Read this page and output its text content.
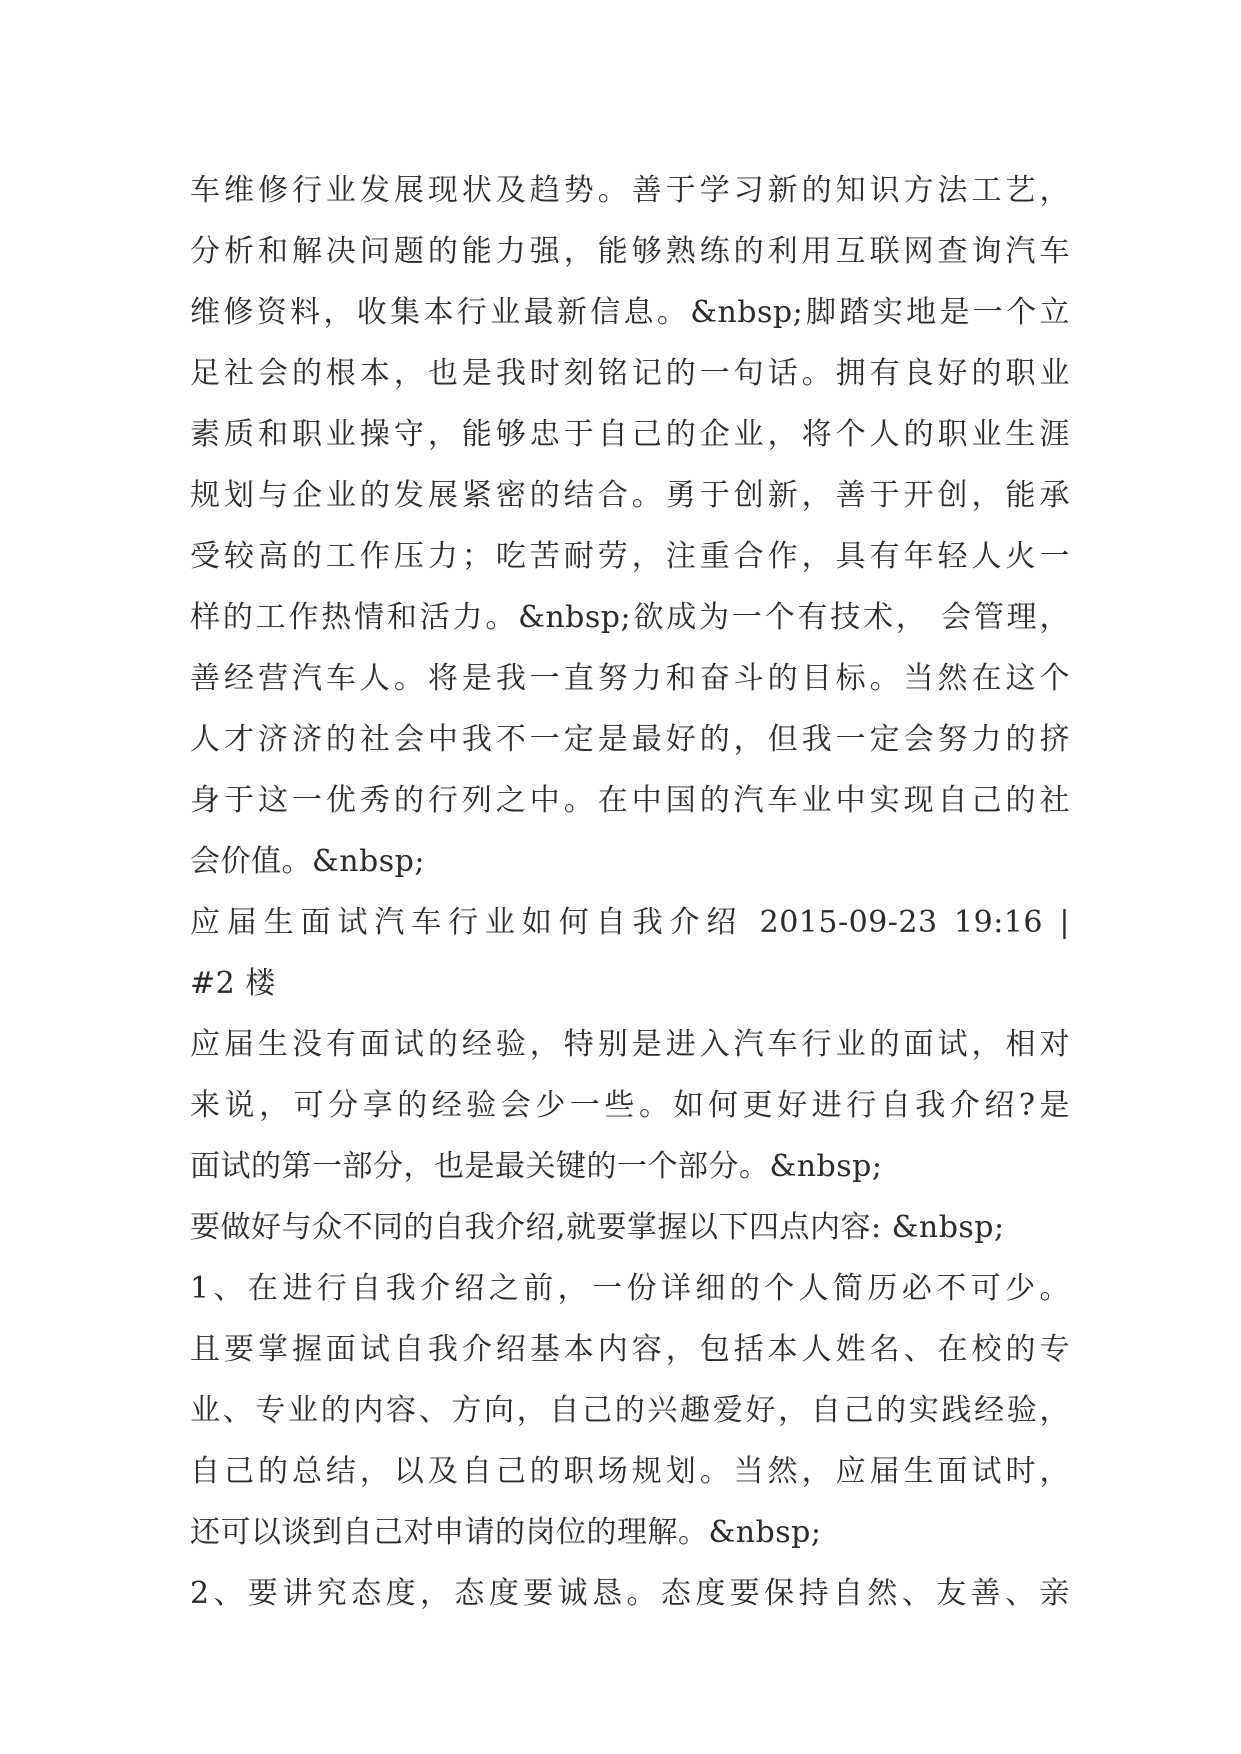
车维修行业发展现状及趋势。善于学习新的知识方法工艺，
分析和解决问题的能力强，能够熟练的利用互联网查询汽车
维修资料，收集本行业最新信息。&nbsp;脚踏实地是一个立
足社会的根本，也是我时刻铭记的一句话。拥有良好的职业
素质和职业操守，能够忠于自己的企业，将个人的职业生涯
规划与企业的发展紧密的结合。勇于创新，善于开创，能承
受较高的工作压力；吃苦耐劳，注重合作，具有年轻人火一
样的工作热情和活力。&nbsp;欲成为一个有技术， 会管理，
善经营汽车人。将是我一直努力和奋斗的目标。当然在这个
人才济济的社会中我不一定是最好的，但我一定会努力的挤
身于这一优秀的行列之中。在中国的汽车业中实现自己的社
会价值。&nbsp;
应届生面试汽车行业如何自我介绍 2015-09-23 19:16 |
#2 楼
应届生没有面试的经验，特别是进入汽车行业的面试，相对
来说，可分享的经验会少一些。如何更好进行自我介绍?是
面试的第一部分，也是最关键的一个部分。&nbsp;
要做好与众不同的自我介绍,就要掌握以下四点内容: &nbsp;
1、在进行自我介绍之前，一份详细的个人简历必不可少。
且要掌握面试自我介绍基本内容，包括本人姓名、在校的专
业、专业的内容、方向，自己的兴趣爱好，自己的实践经验，
自己的总结，以及自己的职场规划。当然，应届生面试时，
还可以谈到自己对申请的岗位的理解。&nbsp;
2、要讲究态度，态度要诚恳。态度要保持自然、友善、亲
